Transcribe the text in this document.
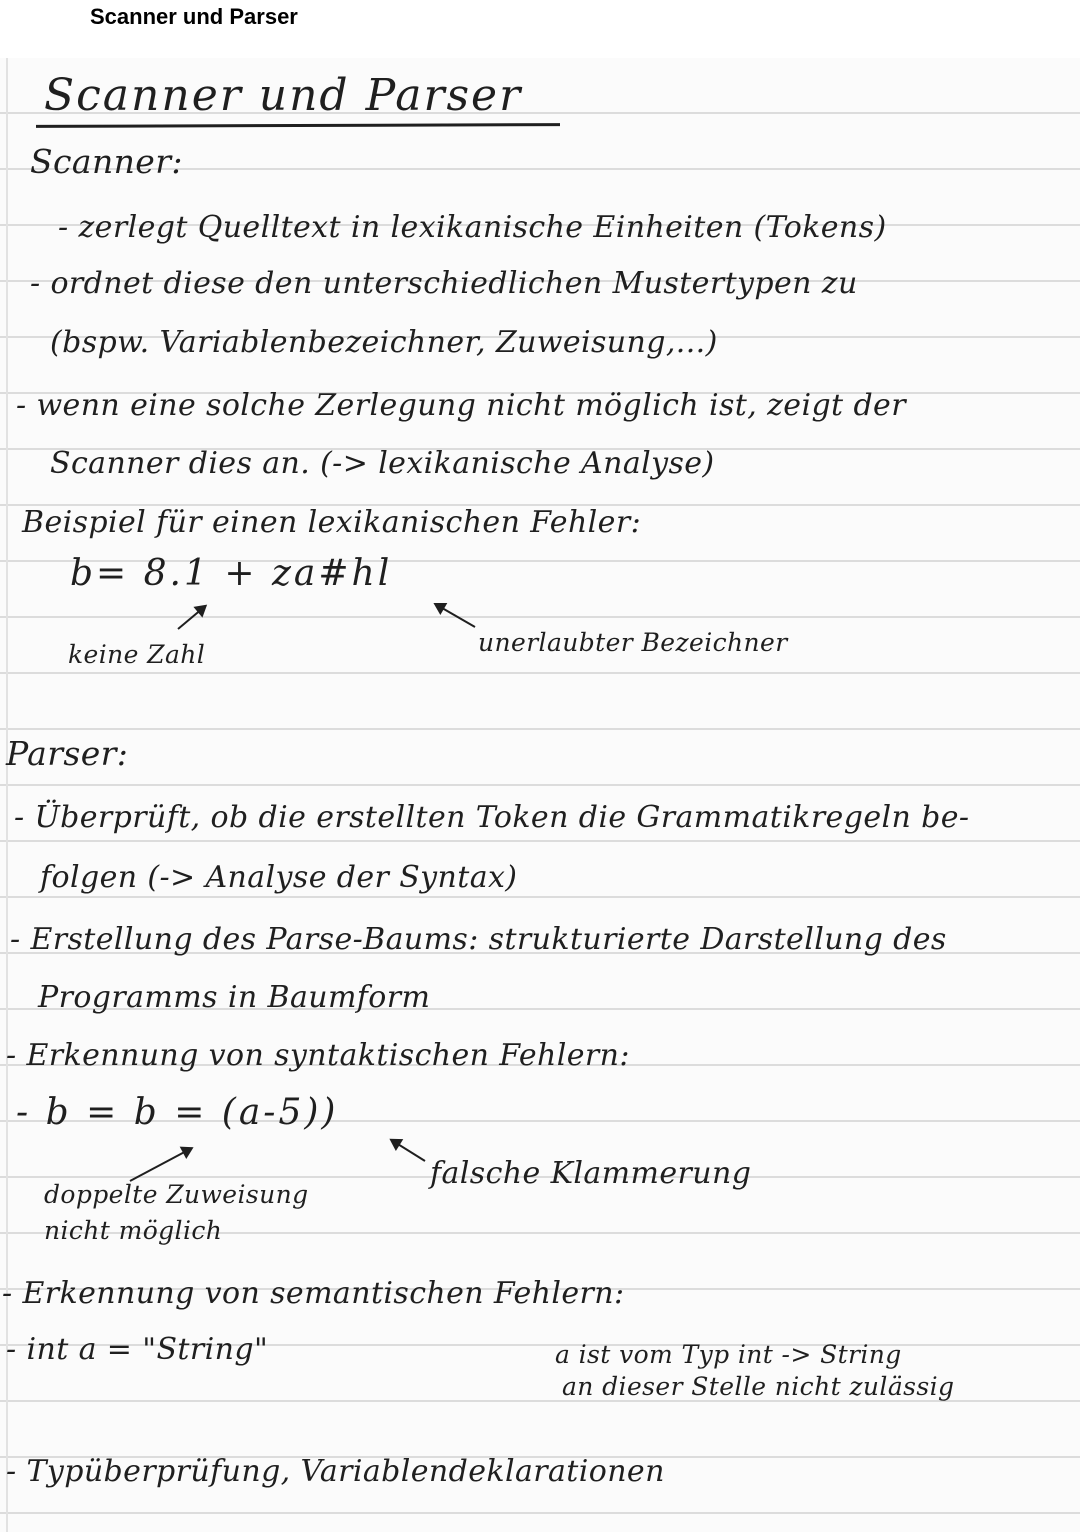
Scanner und Parser
Scanner und Parser
Scanner:
- zerlegt Quelltext in lexikanische Einheiten (Tokens)
- ordnet diese den unterschiedlichen Mustertypen zu
(bspw. Variablenbezeichner, Zuweisung,...)
- wenn eine solche Zerlegung nicht möglich ist, zeigt der
Scanner dies an. (-> lexikanische Analyse)
Beispiel für einen lexikanischen Fehler:
b= 8.1 + za#hl
keine Zahl	unerlaubter Bezeichner
Parser:
- Überprüft, ob die erstellten Token die Grammatikregeln be-
folgen (-> Analyse der Syntax)
- Erstellung des Parse-Baums: strukturierte Darstellung des
Programms in Baumform
- Erkennung von syntaktischen Fehlern:
- b = b = (a-5))
doppelte Zuweisung
nicht möglich
falsche Klammerung
- Erkennung von semantischen Fehlern:
- int a = "String"	a ist vom Typ int -> String
an dieser Stelle nicht zulässig
- Typüberprüfung, Variablendeklarationen
